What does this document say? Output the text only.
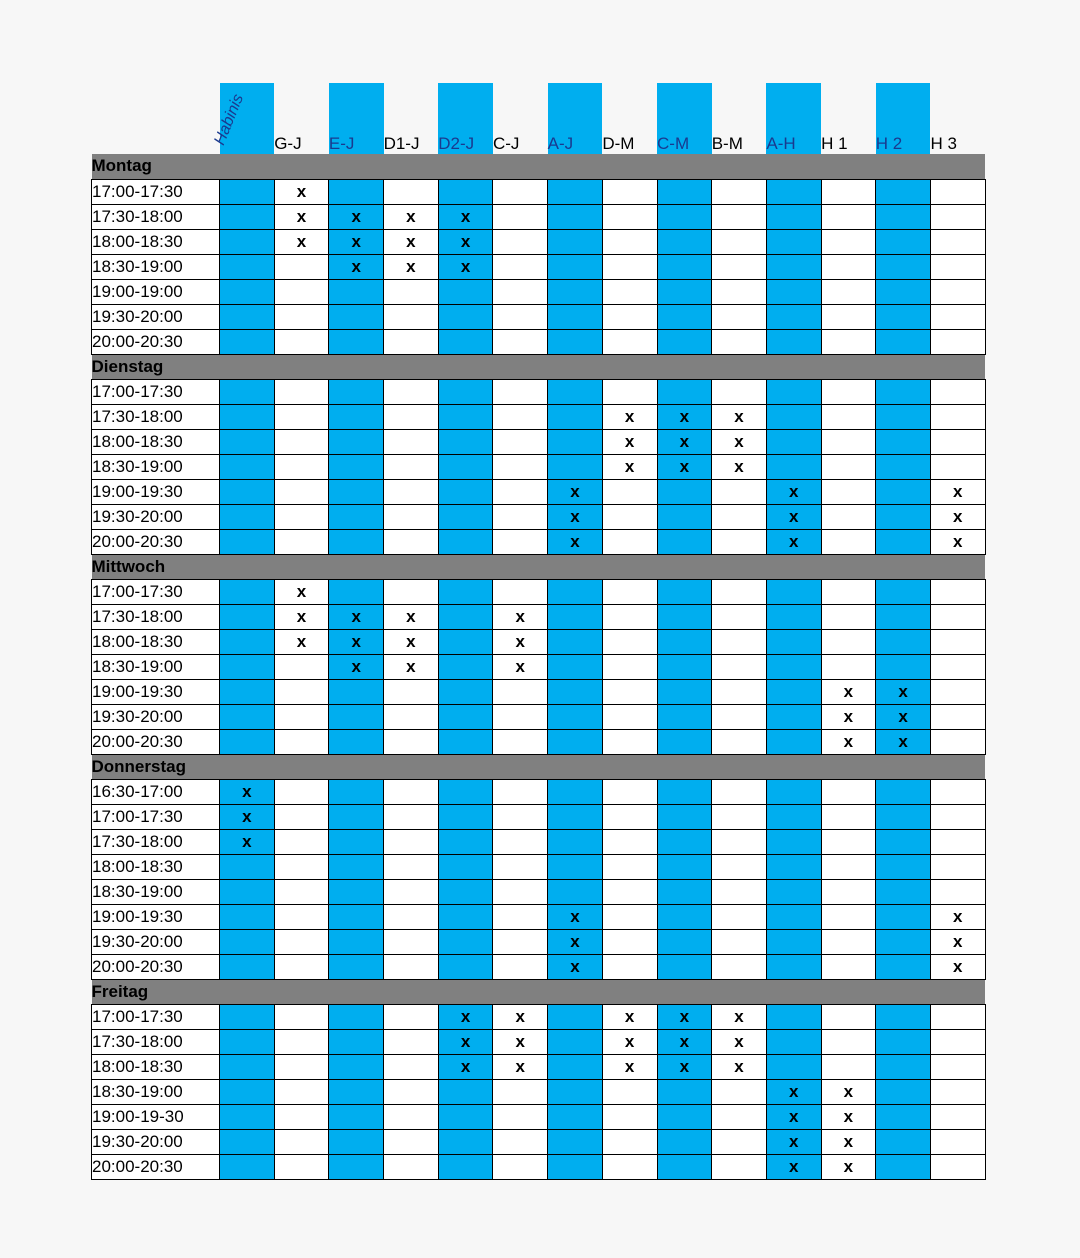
	Habinis	G-J	E-J	D1-J	D2-J	C-J	A-J	D-M	C-M	B-M	A-H	H 1	H 2	H 3
Montag														
17:00-17:30		x												
17:30-18:00		x	x	x	x									
18:00-18:30		x	x	x	x									
18:30-19:00			x	x	x									
19:00-19:00														
19:30-20:00														
20:00-20:30														
Dienstag														
17:00-17:30														
17:30-18:00								x	x	x				
18:00-18:30								x	x	x				
18:30-19:00								x	x	x				
19:00-19:30							x				x			x
19:30-20:00							x				x			x
20:00-20:30							x				x			x
Mittwoch														
17:00-17:30		x												
17:30-18:00		x	x	x		x								
18:00-18:30		x	x	x		x								
18:30-19:00			x	x		x								
19:00-19:30												x	x	
19:30-20:00												x	x	
20:00-20:30												x	x	
Donnerstag														
16:30-17:00	x													
17:00-17:30	x													
17:30-18:00	x													
18:00-18:30														
18:30-19:00														
19:00-19:30							x							x
19:30-20:00							x							x
20:00-20:30							x							x
Freitag														
17:00-17:30					x	x		x	x	x				
17:30-18:00					x	x		x	x	x				
18:00-18:30					x	x		x	x	x				
18:30-19:00											x	x		
19:00-19-30											x	x		
19:30-20:00											x	x		
20:00-20:30											x	x		
